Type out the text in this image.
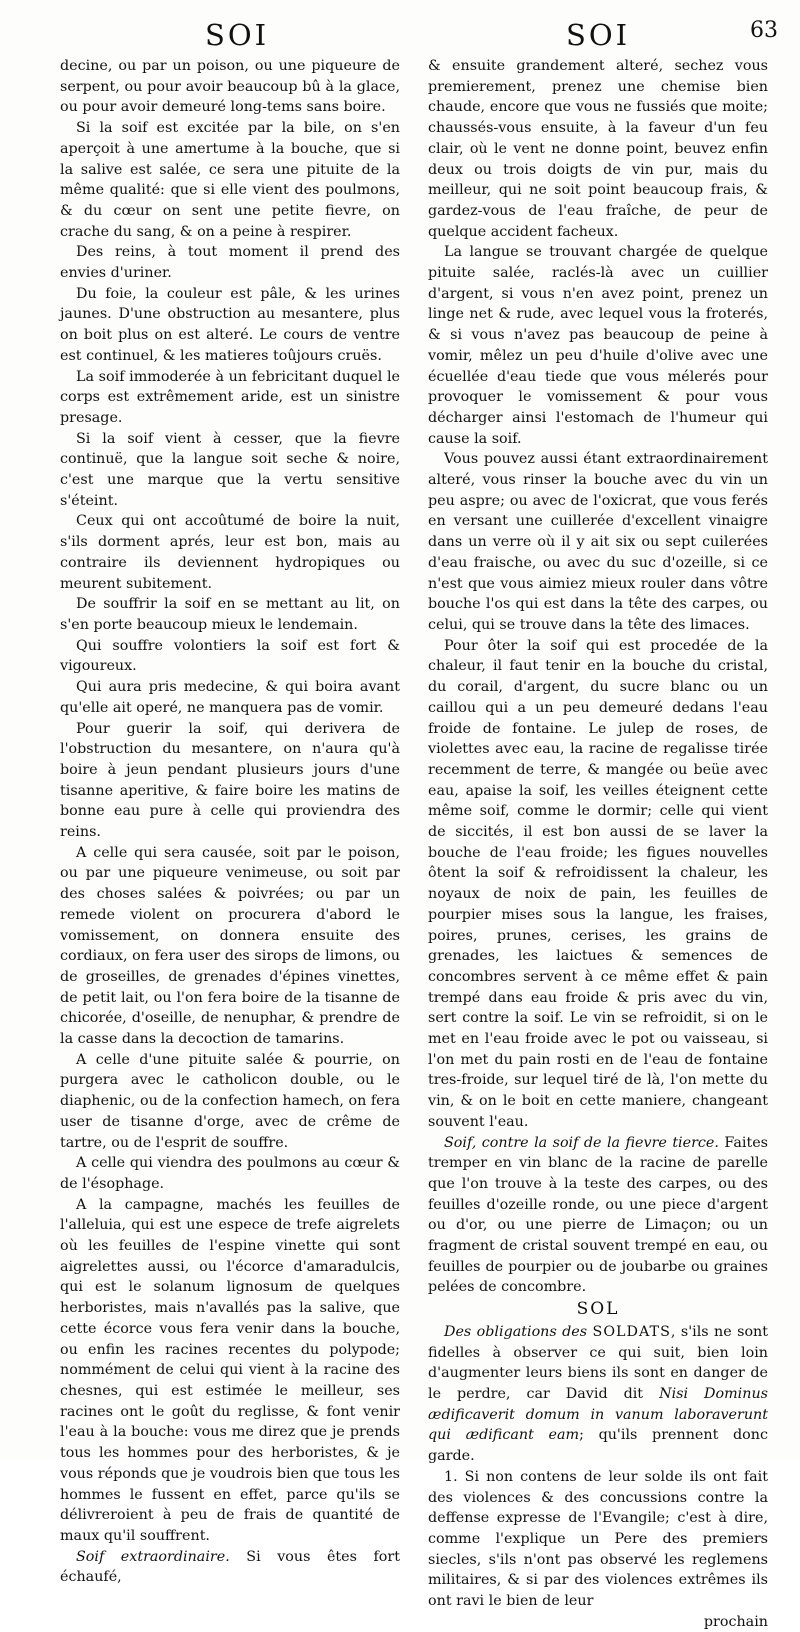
SOI	SOI	63

decine, ou par un poison, ou une piqueure de serpent, ou pour avoir beaucoup bû à la glace, ou pour avoir demeuré long-tems sans boire.

Si la soif est excitée par la bile, on s'en aperçoit à une amertume à la bouche, que si la salive est salée, ce sera une pituite de la même qualité: que si elle vient des poulmons, & du cœur on sent une petite fievre, on crache du sang, & on a peine à respirer.

Des reins, à tout moment il prend des envies d'uriner.

Du foie, la couleur est pâle, & les urines jaunes. D'une obstruction au mesantere, plus on boit plus on est alteré. Le cours de ventre est continuel, & les matieres toûjours cruës.

La soif immoderée à un febricitant duquel le corps est extrêmement aride, est un sinistre presage.

Si la soif vient à cesser, que la fievre continuë, que la langue soit seche & noire, c'est une marque que la vertu sensitive s'éteint.

Ceux qui ont accoûtumé de boire la nuit, s'ils dorment aprés, leur est bon, mais au contraire ils deviennent hydropiques ou meurent subitement.

De souffrir la soif en se mettant au lit, on s'en porte beaucoup mieux le lendemain.

Qui souffre volontiers la soif est fort & vigoureux.

Qui aura pris medecine, & qui boira avant qu'elle ait operé, ne manquera pas de vomir.

Pour guerir la soif, qui derivera de l'obstruction du mesantere, on n'aura qu'à boire à jeun pendant plusieurs jours d'une tisanne aperitive, & faire boire les matins de bonne eau pure à celle qui proviendra des reins.

A celle qui sera causée, soit par le poison, ou par une piqueure venimeuse, ou soit par des choses salées & poivrées; ou par un remede violent on procurera d'abord le vomissement, on donnera ensuite des cordiaux, on fera user des sirops de limons, ou de groseilles, de grenades d'épines vinettes, de petit lait, ou l'on fera boire de la tisanne de chicorée, d'oseille, de nenuphar, & prendre de la casse dans la decoction de tamarins.

A celle d'une pituite salée & pourrie, on purgera avec le catholicon double, ou le diaphenic, ou de la confection hamech, on fera user de tisanne d'orge, avec de crême de tartre, ou de l'esprit de souffre.

A celle qui viendra des poulmons au cœur & de l'ésophage.

A la campagne, machés les feuilles de l'alleluia, qui est une espece de trefe aigrelets où les feuilles de l'espine vinette qui sont aigrelettes aussi, ou l'écorce d'amaradulcis, qui est le solanum lignosum de quelques herboristes, mais n'avallés pas la salive, que cette écorce vous fera venir dans la bouche, ou enfin les racines recentes du polypode; nommément de celui qui vient à la racine des chesnes, qui est estimée le meilleur, ses racines ont le goût du reglisse, & font venir l'eau à la bouche: vous me direz que je prends tous les hommes pour des herboristes, & je vous réponds que je voudrois bien que tous les hommes le fussent en effet, parce qu'ils se délivreroient à peu de frais de quantité de maux qu'il souffrent.

Soif extraordinaire. Si vous êtes fort échaufé,

& ensuite grandement alteré, sechez vous premierement, prenez une chemise bien chaude, encore que vous ne fussiés que moite; chaussés-vous ensuite, à la faveur d'un feu clair, où le vent ne donne point, beuvez enfin deux ou trois doigts de vin pur, mais du meilleur, qui ne soit point beaucoup frais, & gardez-vous de l'eau fraîche, de peur de quelque accident facheux.

La langue se trouvant chargée de quelque pituite salée, raclés-là avec un cuillier d'argent, si vous n'en avez point, prenez un linge net & rude, avec lequel vous la froterés, & si vous n'avez pas beaucoup de peine à vomir, mêlez un peu d'huile d'olive avec une écuellée d'eau tiede que vous mélerés pour provoquer le vomissement & pour vous décharger ainsi l'estomach de l'humeur qui cause la soif.

Vous pouvez aussi étant extraordinairement alteré, vous rinser la bouche avec du vin un peu aspre; ou avec de l'oxicrat, que vous ferés en versant une cuillerée d'excellent vinaigre dans un verre où il y ait six ou sept cuilerées d'eau fraische, ou avec du suc d'ozeille, si ce n'est que vous aimiez mieux rouler dans vôtre bouche l'os qui est dans la tête des carpes, ou celui, qui se trouve dans la tête des limaces.

Pour ôter la soif qui est procedée de la chaleur, il faut tenir en la bouche du cristal, du corail, d'argent, du sucre blanc ou un caillou qui a un peu demeuré dedans l'eau froide de fontaine. Le julep de roses, de violettes avec eau, la racine de regalisse tirée recemment de terre, & mangée ou beüe avec eau, apaise la soif, les veilles éteignent cette même soif, comme le dormir; celle qui vient de siccités, il est bon aussi de se laver la bouche de l'eau froide; les figues nouvelles ôtent la soif & refroidissent la chaleur, les noyaux de noix de pain, les feuilles de pourpier mises sous la langue, les fraises, poires, prunes, cerises, les grains de grenades, les laictues & semences de concombres servent à ce même effet & pain trempé dans eau froide & pris avec du vin, sert contre la soif. Le vin se refroidit, si on le met en l'eau froide avec le pot ou vaisseau, si l'on met du pain rosti en de l'eau de fontaine tres-froide, sur lequel tiré de là, l'on mette du vin, & on le boit en cette maniere, changeant souvent l'eau.

Soif, contre la soif de la fievre tierce. Faites tremper en vin blanc de la racine de parelle que l'on trouve à la teste des carpes, ou des feuilles d'ozeille ronde, ou une piece d'argent ou d'or, ou une pierre de Limaçon; ou un fragment de cristal souvent trempé en eau, ou feuilles de pourpier ou de joubarbe ou graines pelées de concombre.

SOL

Des obligations des SOLDATS, s'ils ne sont fidelles à observer ce qui suit, bien loin d'augmenter leurs biens ils sont en danger de le perdre, car David dit Nisi Dominus ædificaverit domum in vanum laboraverunt qui ædificant eam; qu'ils prennent donc garde.

1. Si non contens de leur solde ils ont fait des violences & des concussions contre la deffense expresse de l'Evangile; c'est à dire, comme l'explique un Pere des premiers siecles, s'ils n'ont pas observé les reglemens militaires, & si par des violences extrêmes ils ont ravi le bien de leur

prochain
